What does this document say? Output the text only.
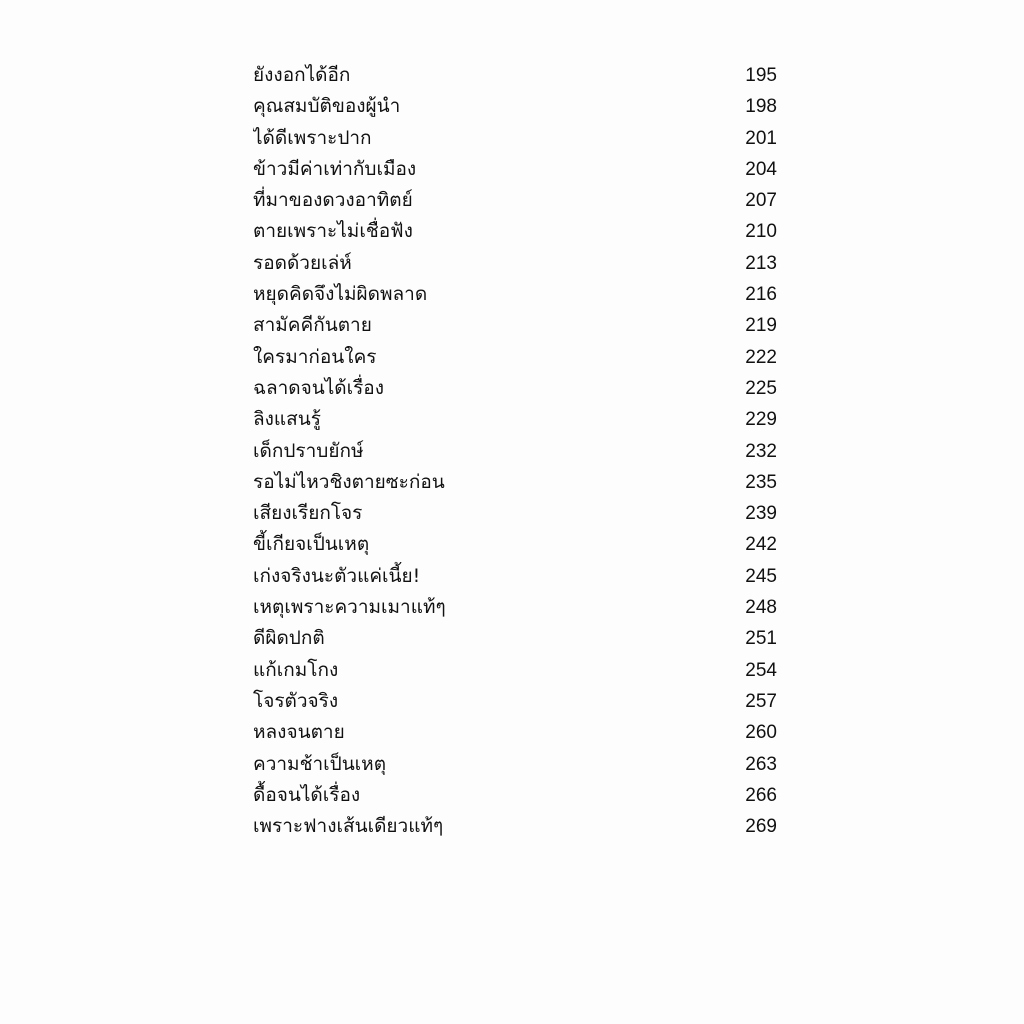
ยังงอกได้อีก	195
คุณสมบัติของผู้นำ	198
ได้ดีเพราะปาก	201
ข้าวมีค่าเท่ากับเมือง	204
ที่มาของดวงอาทิตย์	207
ตายเพราะไม่เชื่อฟัง	210
รอดด้วยเล่ห์	213
หยุดคิดจึงไม่ผิดพลาด	216
สามัคคีกันตาย	219
ใครมาก่อนใคร	222
ฉลาดจนได้เรื่อง	225
ลิงแสนรู้	229
เด็กปราบยักษ์	232
รอไม่ไหวชิงตายซะก่อน	235
เสียงเรียกโจร	239
ขี้เกียจเป็นเหตุ	242
เก่งจริงนะตัวแค่เนี้ย!	245
เหตุเพราะความเมาแท้ๆ	248
ดีผิดปกติ	251
แก้เกมโกง	254
โจรตัวจริง	257
หลงจนตาย	260
ความช้าเป็นเหตุ	263
ดื้อจนได้เรื่อง	266
เพราะฟางเส้นเดียวแท้ๆ	269
